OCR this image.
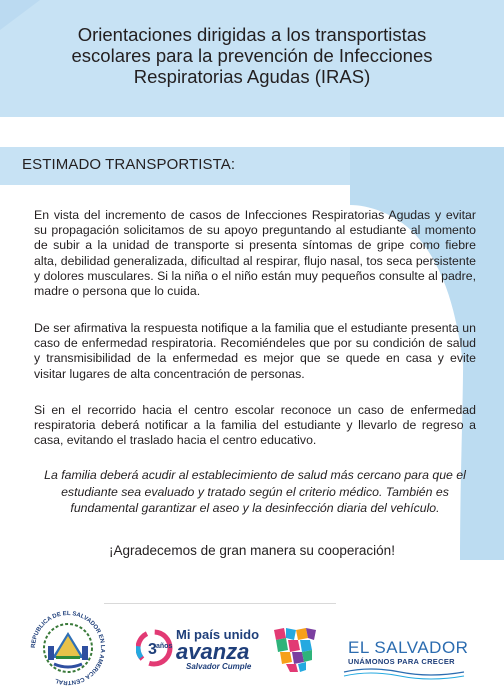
Orientaciones dirigidas a los transportistas
escolares para la prevención de Infecciones
Respiratorias Agudas (IRAS)
ESTIMADO TRANSPORTISTA:

En vista del incremento de casos de Infecciones Respiratorias Agudas y evitar su propagación solicitamos de su apoyo preguntando al estudiante al momento de subir a la unidad de transporte si presenta síntomas de gripe como fiebre alta, debilidad generalizada, dificultad al respirar, flujo nasal, tos seca persistente y dolores musculares. Si la niña o el niño están muy pequeños consulte al padre, madre o persona que lo cuida.

De ser afirmativa la respuesta notifique a la familia que el estudiante presenta un caso de enfermedad respiratoria. Recomiéndeles que por su condición de salud y transmisibilidad de la enfermedad es mejor que se quede en casa y evite visitar lugares de alta concentración de personas.

Si en el recorrido hacia el centro escolar reconoce un caso de enfermedad respiratoria deberá notificar a la familia del estudiante y llevarlo de regreso a casa, evitando el traslado hacia el centro educativo.

La familia deberá acudir al establecimiento de salud más cercano para que el estudiante sea evaluado y tratado según el criterio médico. También es fundamental garantizar el aseo y la desinfección diaria del vehículo.

¡Agradecemos de gran manera su cooperación!
REPUBLICA DE EL SALVADOR EN LA AMERICA CENTRAL
3 años
Mi país unido
avanza
Salvador Cumple
EL SALVADOR
UNÁMONOS PARA CRECER
